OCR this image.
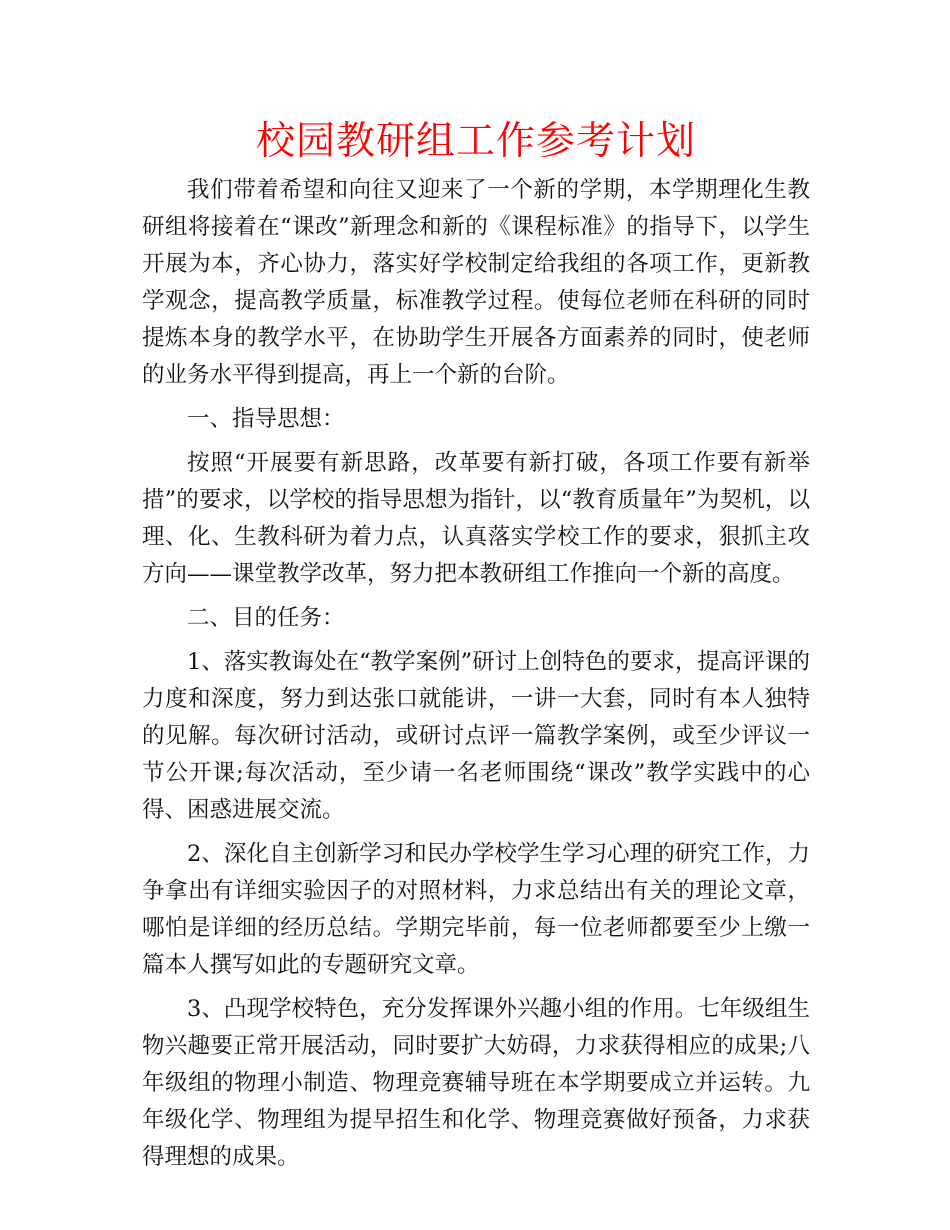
校园教研组工作参考计划

我们带着希望和向往又迎来了一个新的学期，本学期理化生教研组将接着在“课改”新理念和新的《课程标准》的指导下，以学生开展为本，齐心协力，落实好学校制定给我组的各项工作，更新教学观念，提高教学质量，标准教学过程。使每位老师在科研的同时提炼本身的教学水平，在协助学生开展各方面素养的同时，使老师的业务水平得到提高，再上一个新的台阶。

一、指导思想：

按照“开展要有新思路，改革要有新打破，各项工作要有新举措”的要求，以学校的指导思想为指针，以“教育质量年”为契机，以理、化、生教科研为着力点，认真落实学校工作的要求，狠抓主攻方向——课堂教学改革，努力把本教研组工作推向一个新的高度。

二、目的任务：

1、落实教诲处在“教学案例”研讨上创特色的要求，提高评课的力度和深度，努力到达张口就能讲，一讲一大套，同时有本人独特的见解。每次研讨活动，或研讨点评一篇教学案例，或至少评议一节公开课;每次活动，至少请一名老师围绕“课改”教学实践中的心得、困惑进展交流。

2、深化自主创新学习和民办学校学生学习心理的研究工作，力争拿出有详细实验因子的对照材料，力求总结出有关的理论文章，哪怕是详细的经历总结。学期完毕前，每一位老师都要至少上缴一篇本人撰写如此的专题研究文章。

3、凸现学校特色，充分发挥课外兴趣小组的作用。七年级组生物兴趣要正常开展活动，同时要扩大妨碍，力求获得相应的成果;八年级组的物理小制造、物理竞赛辅导班在本学期要成立并运转。九年级化学、物理组为提早招生和化学、物理竞赛做好预备，力求获得理想的成果。
